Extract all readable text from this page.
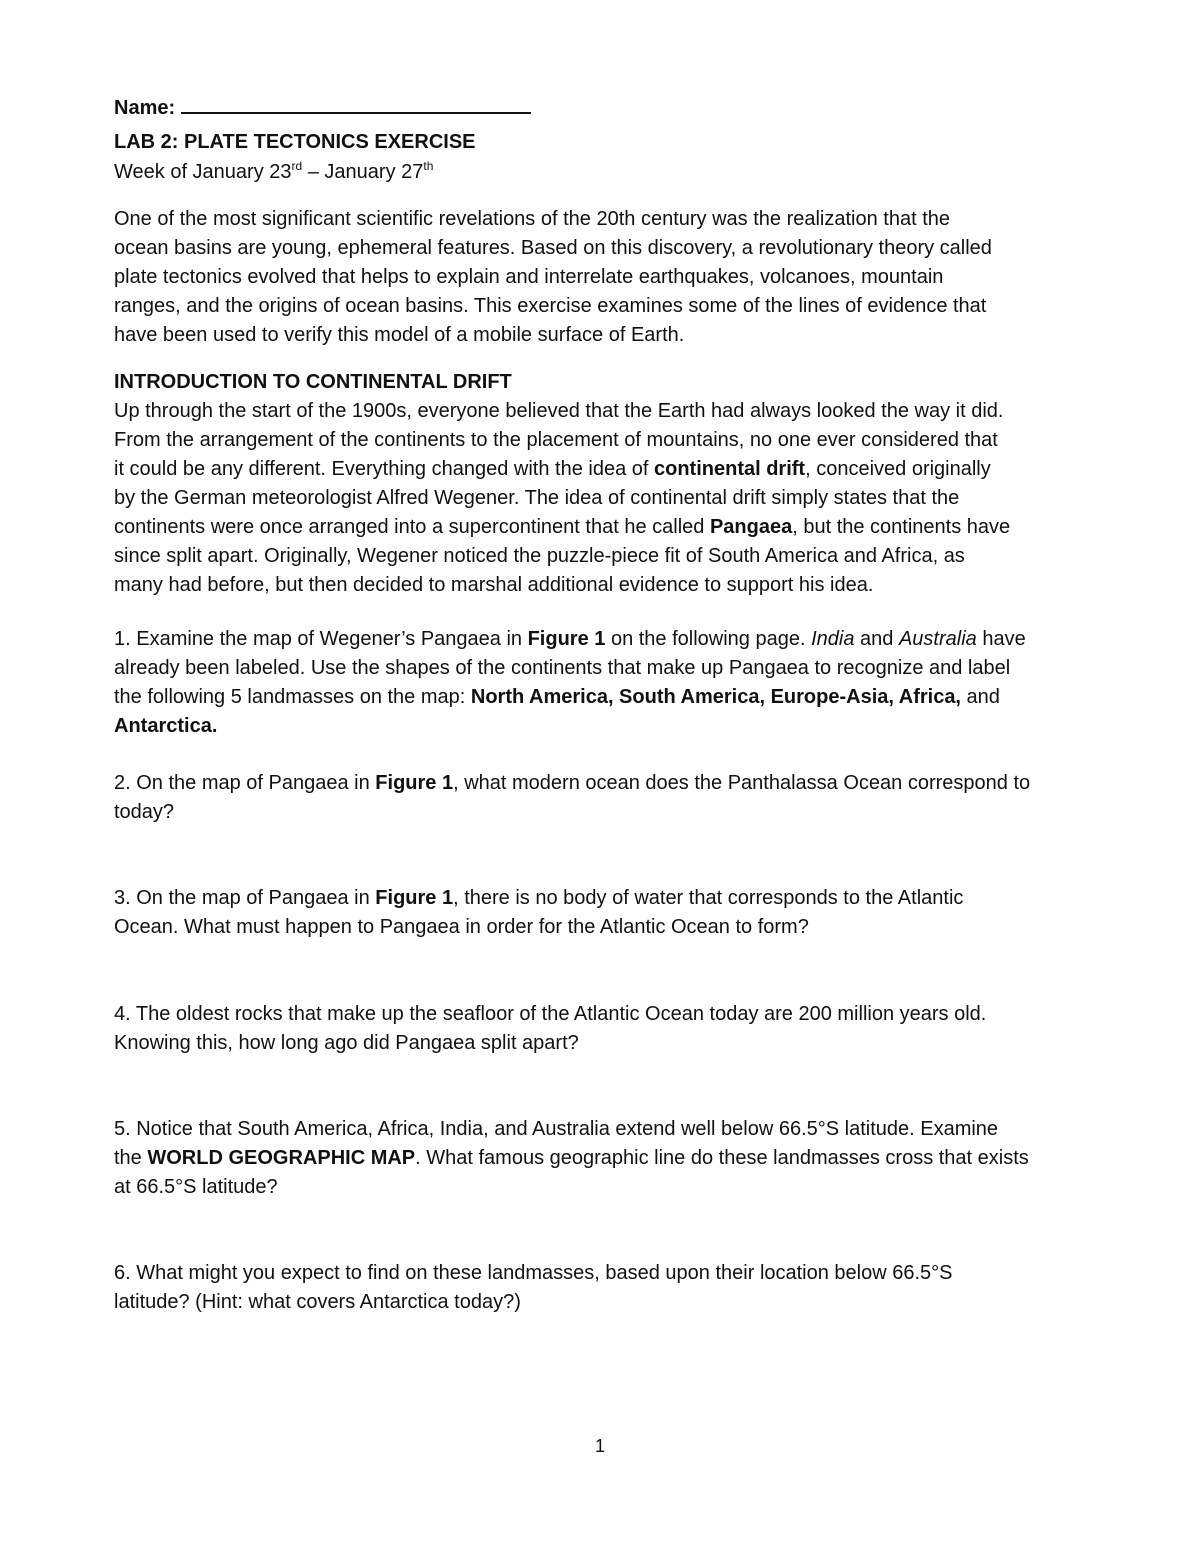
Name:
LAB 2: PLATE TECTONICS EXERCISE
Week of January 23rd – January 27th
One of the most significant scientific revelations of the 20th century was the realization that the
ocean basins are young, ephemeral features. Based on this discovery, a revolutionary theory called
plate tectonics evolved that helps to explain and interrelate earthquakes, volcanoes, mountain
ranges, and the origins of ocean basins. This exercise examines some of the lines of evidence that
have been used to verify this model of a mobile surface of Earth.
INTRODUCTION TO CONTINENTAL DRIFT
Up through the start of the 1900s, everyone believed that the Earth had always looked the way it did.
From the arrangement of the continents to the placement of mountains, no one ever considered that
it could be any different. Everything changed with the idea of continental drift, conceived originally
by the German meteorologist Alfred Wegener. The idea of continental drift simply states that the
continents were once arranged into a supercontinent that he called Pangaea, but the continents have
since split apart. Originally, Wegener noticed the puzzle-piece fit of South America and Africa, as
many had before, but then decided to marshal additional evidence to support his idea.
1. Examine the map of Wegener’s Pangaea in Figure 1 on the following page. India and Australia have
already been labeled. Use the shapes of the continents that make up Pangaea to recognize and label
the following 5 landmasses on the map: North America, South America, Europe-Asia, Africa, and
Antarctica.
2. On the map of Pangaea in Figure 1, what modern ocean does the Panthalassa Ocean correspond to
today?
3. On the map of Pangaea in Figure 1, there is no body of water that corresponds to the Atlantic
Ocean. What must happen to Pangaea in order for the Atlantic Ocean to form?
4. The oldest rocks that make up the seafloor of the Atlantic Ocean today are 200 million years old.
Knowing this, how long ago did Pangaea split apart?
5. Notice that South America, Africa, India, and Australia extend well below 66.5°S latitude. Examine
the WORLD GEOGRAPHIC MAP. What famous geographic line do these landmasses cross that exists
at 66.5°S latitude?
6. What might you expect to find on these landmasses, based upon their location below 66.5°S
latitude? (Hint: what covers Antarctica today?)
1
